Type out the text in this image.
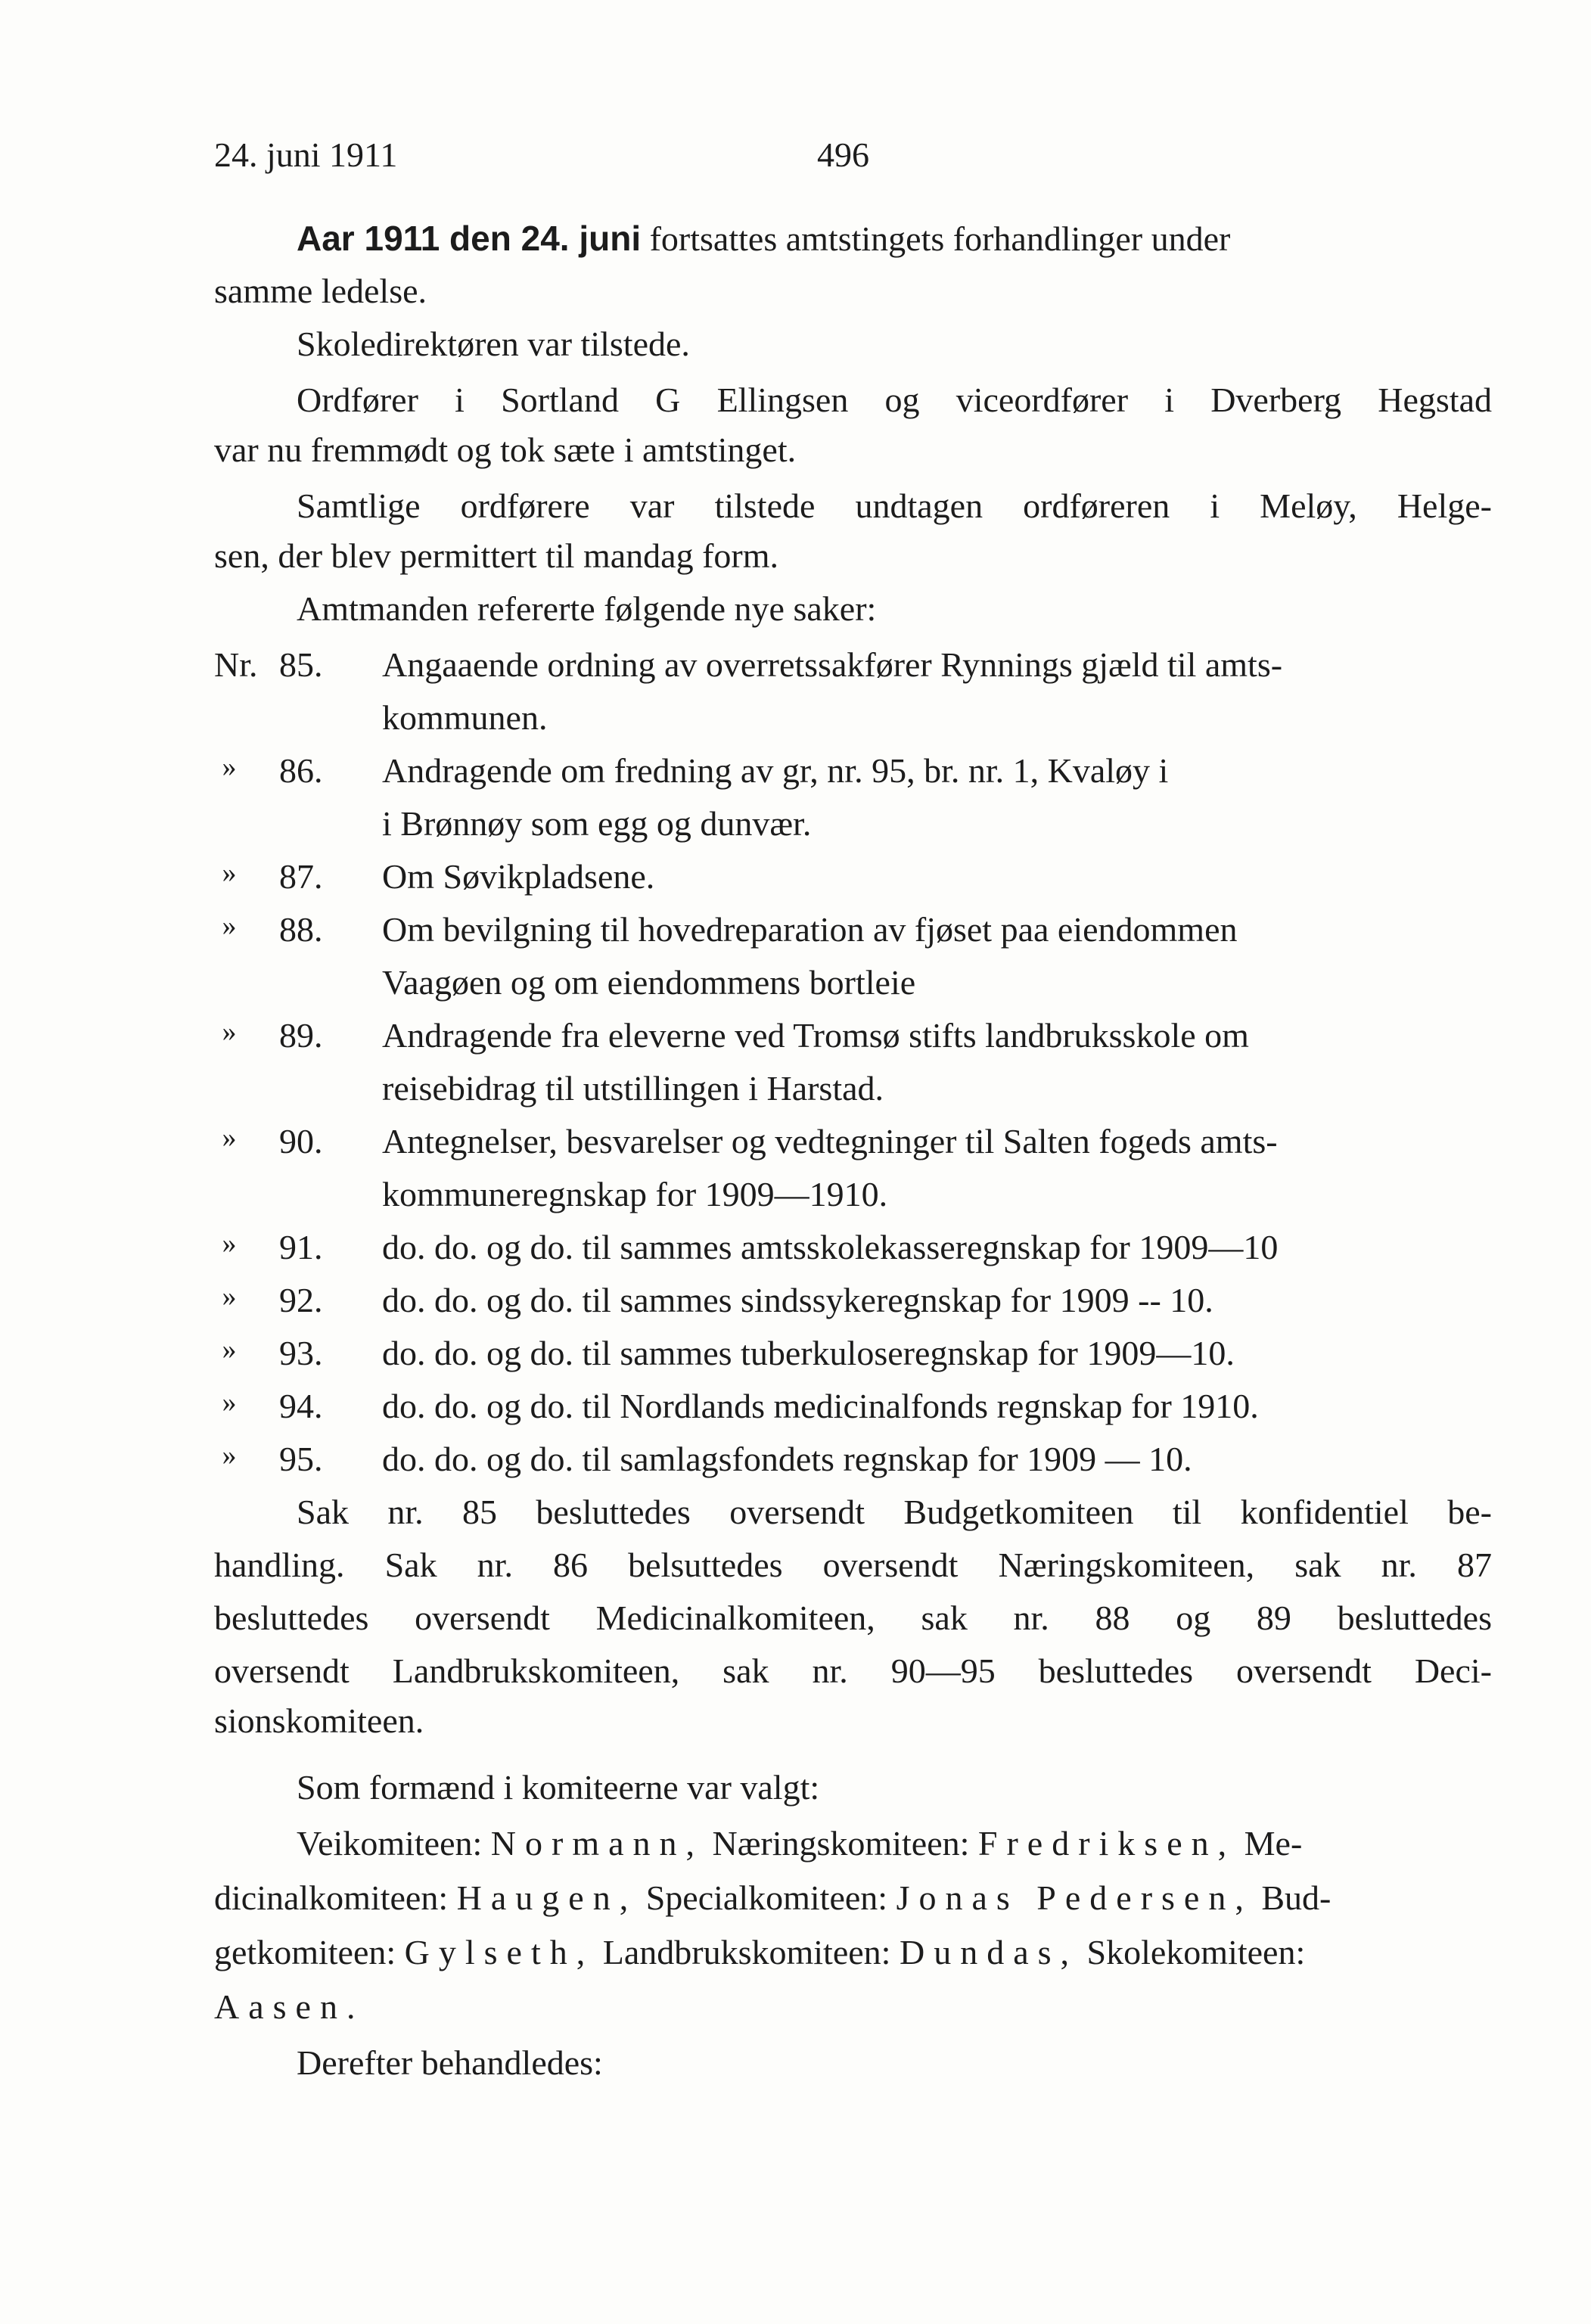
24. juni 1911	496
Aar 1911 den 24. juni fortsattes amtstingets forhandlinger under
samme ledelse.
Skoledirektøren var tilstede.
Ordfører i Sortland G Ellingsen og viceordfører i Dverberg Hegstad
var nu fremmødt og tok sæte i amtstinget.
Samtlige ordførere var tilstede undtagen ordføreren i Meløy, Helge-
sen, der blev permittert til mandag form.
Amtmanden refererte følgende nye saker:
Nr. 85. Angaaende ordning av overretssakfører Rynnings gjæld til amts-
kommunen.
» 86. Andragende om fredning av gr, nr. 95, br. nr. 1, Kvaløy i
i Brønnøy som egg og dunvær.
» 87. Om Søvikpladsene.
» 88. Om bevilgning til hovedreparation av fjøset paa eiendommen
Vaagøen og om eiendommens bortleie
» 89. Andragende fra eleverne ved Tromsø stifts landbruksskole om
reisebidrag til utstillingen i Harstad.
» 90. Antegnelser, besvarelser og vedtegninger til Salten fogeds amts-
kommuneregnskap for 1909—1910.
» 91. do. do. og do. til sammes amtsskolekasseregnskap for 1909—10
» 92. do. do. og do. til sammes sindssykeregnskap for 1909 -- 10.
» 93. do. do. og do. til sammes tuberkuloseregnskap for 1909—10.
» 94. do. do. og do. til Nordlands medicinalfonds regnskap for 1910.
» 95. do. do. og do. til samlagsfondets regnskap for 1909 — 10.
Sak nr. 85 besluttedes oversendt Budgetkomiteen til konfidentiel be-
handling. Sak nr. 86 belsuttedes oversendt Næringskomiteen, sak nr. 87
besluttedes oversendt Medicinalkomiteen, sak nr. 88 og 89 besluttedes
oversendt Landbrukskomiteen, sak nr. 90—95 besluttedes oversendt Deci-
sionskomiteen.
Som formænd i komiteerne var valgt:
Veikomiteen: Normann, Næringskomiteen: Fredriksen, Me-
dicinalkomiteen: Haugen, Specialkomiteen: Jonas Pedersen, Bud-
getkomiteen: Gylseth, Landbrukskomiteen: Dundas, Skolekomiteen:
Aasen.
Derefter behandledes:
